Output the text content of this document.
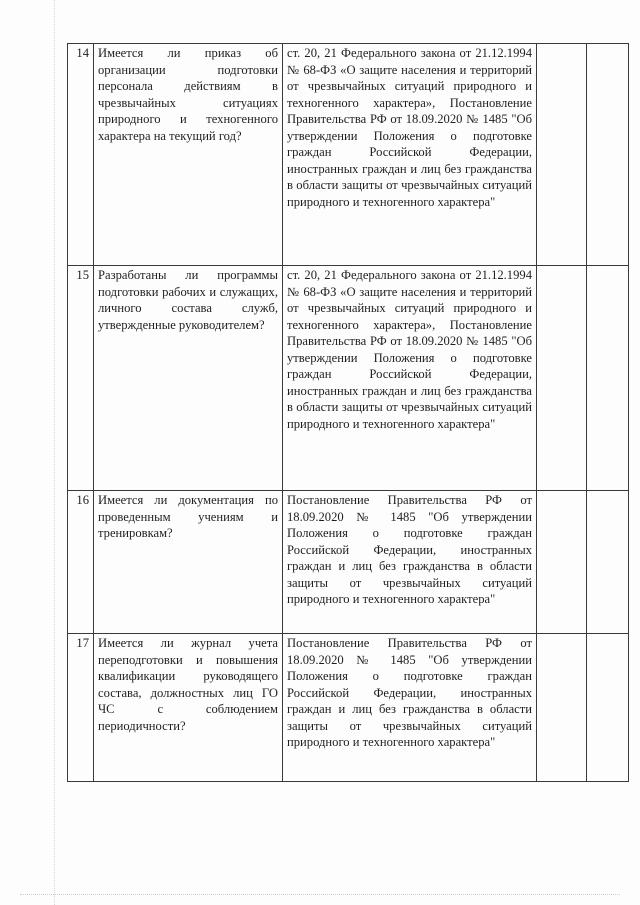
14	Имеется ли приказ об организации подготовки персонала действиям в чрезвычайных ситуациях природного и техногенного характера на текущий год?	ст. 20, 21 Федерального закона от 21.12.1994 № 68-ФЗ «О защите населения и территорий от чрезвычайных ситуаций природного и техногенного характера», Постановление Правительства РФ от 18.09.2020 № 1485 "Об утверждении Положения о подготовке граждан Российской Федерации, иностранных граждан и лиц без гражданства в области защиты от чрезвычайных ситуаций природного и техногенного характера"		
15	Разработаны ли программы подготовки рабочих и служащих, личного состава служб, утвержденные руководителем?	ст. 20, 21 Федерального закона от 21.12.1994 № 68-ФЗ «О защите населения и территорий от чрезвычайных ситуаций природного и техногенного характера», Постановление Правительства РФ от 18.09.2020 № 1485 "Об утверждении Положения о подготовке граждан Российской Федерации, иностранных граждан и лиц без гражданства в области защиты от чрезвычайных ситуаций природного и техногенного характера"		
16	Имеется ли документация по проведенным учениям и тренировкам?	Постановление Правительства РФ от 18.09.2020 № 1485 "Об утверждении Положения о подготовке граждан Российской Федерации, иностранных граждан и лиц без гражданства в области защиты от чрезвычайных ситуаций природного и техногенного характера"		
17	Имеется ли журнал учета переподготовки и повышения квалификации руководящего состава, должностных лиц ГО ЧС с соблюдением периодичности?	Постановление Правительства РФ от 18.09.2020 № 1485 "Об утверждении Положения о подготовке граждан Российской Федерации, иностранных граждан и лиц без гражданства в области защиты от чрезвычайных ситуаций природного и техногенного характера"		
